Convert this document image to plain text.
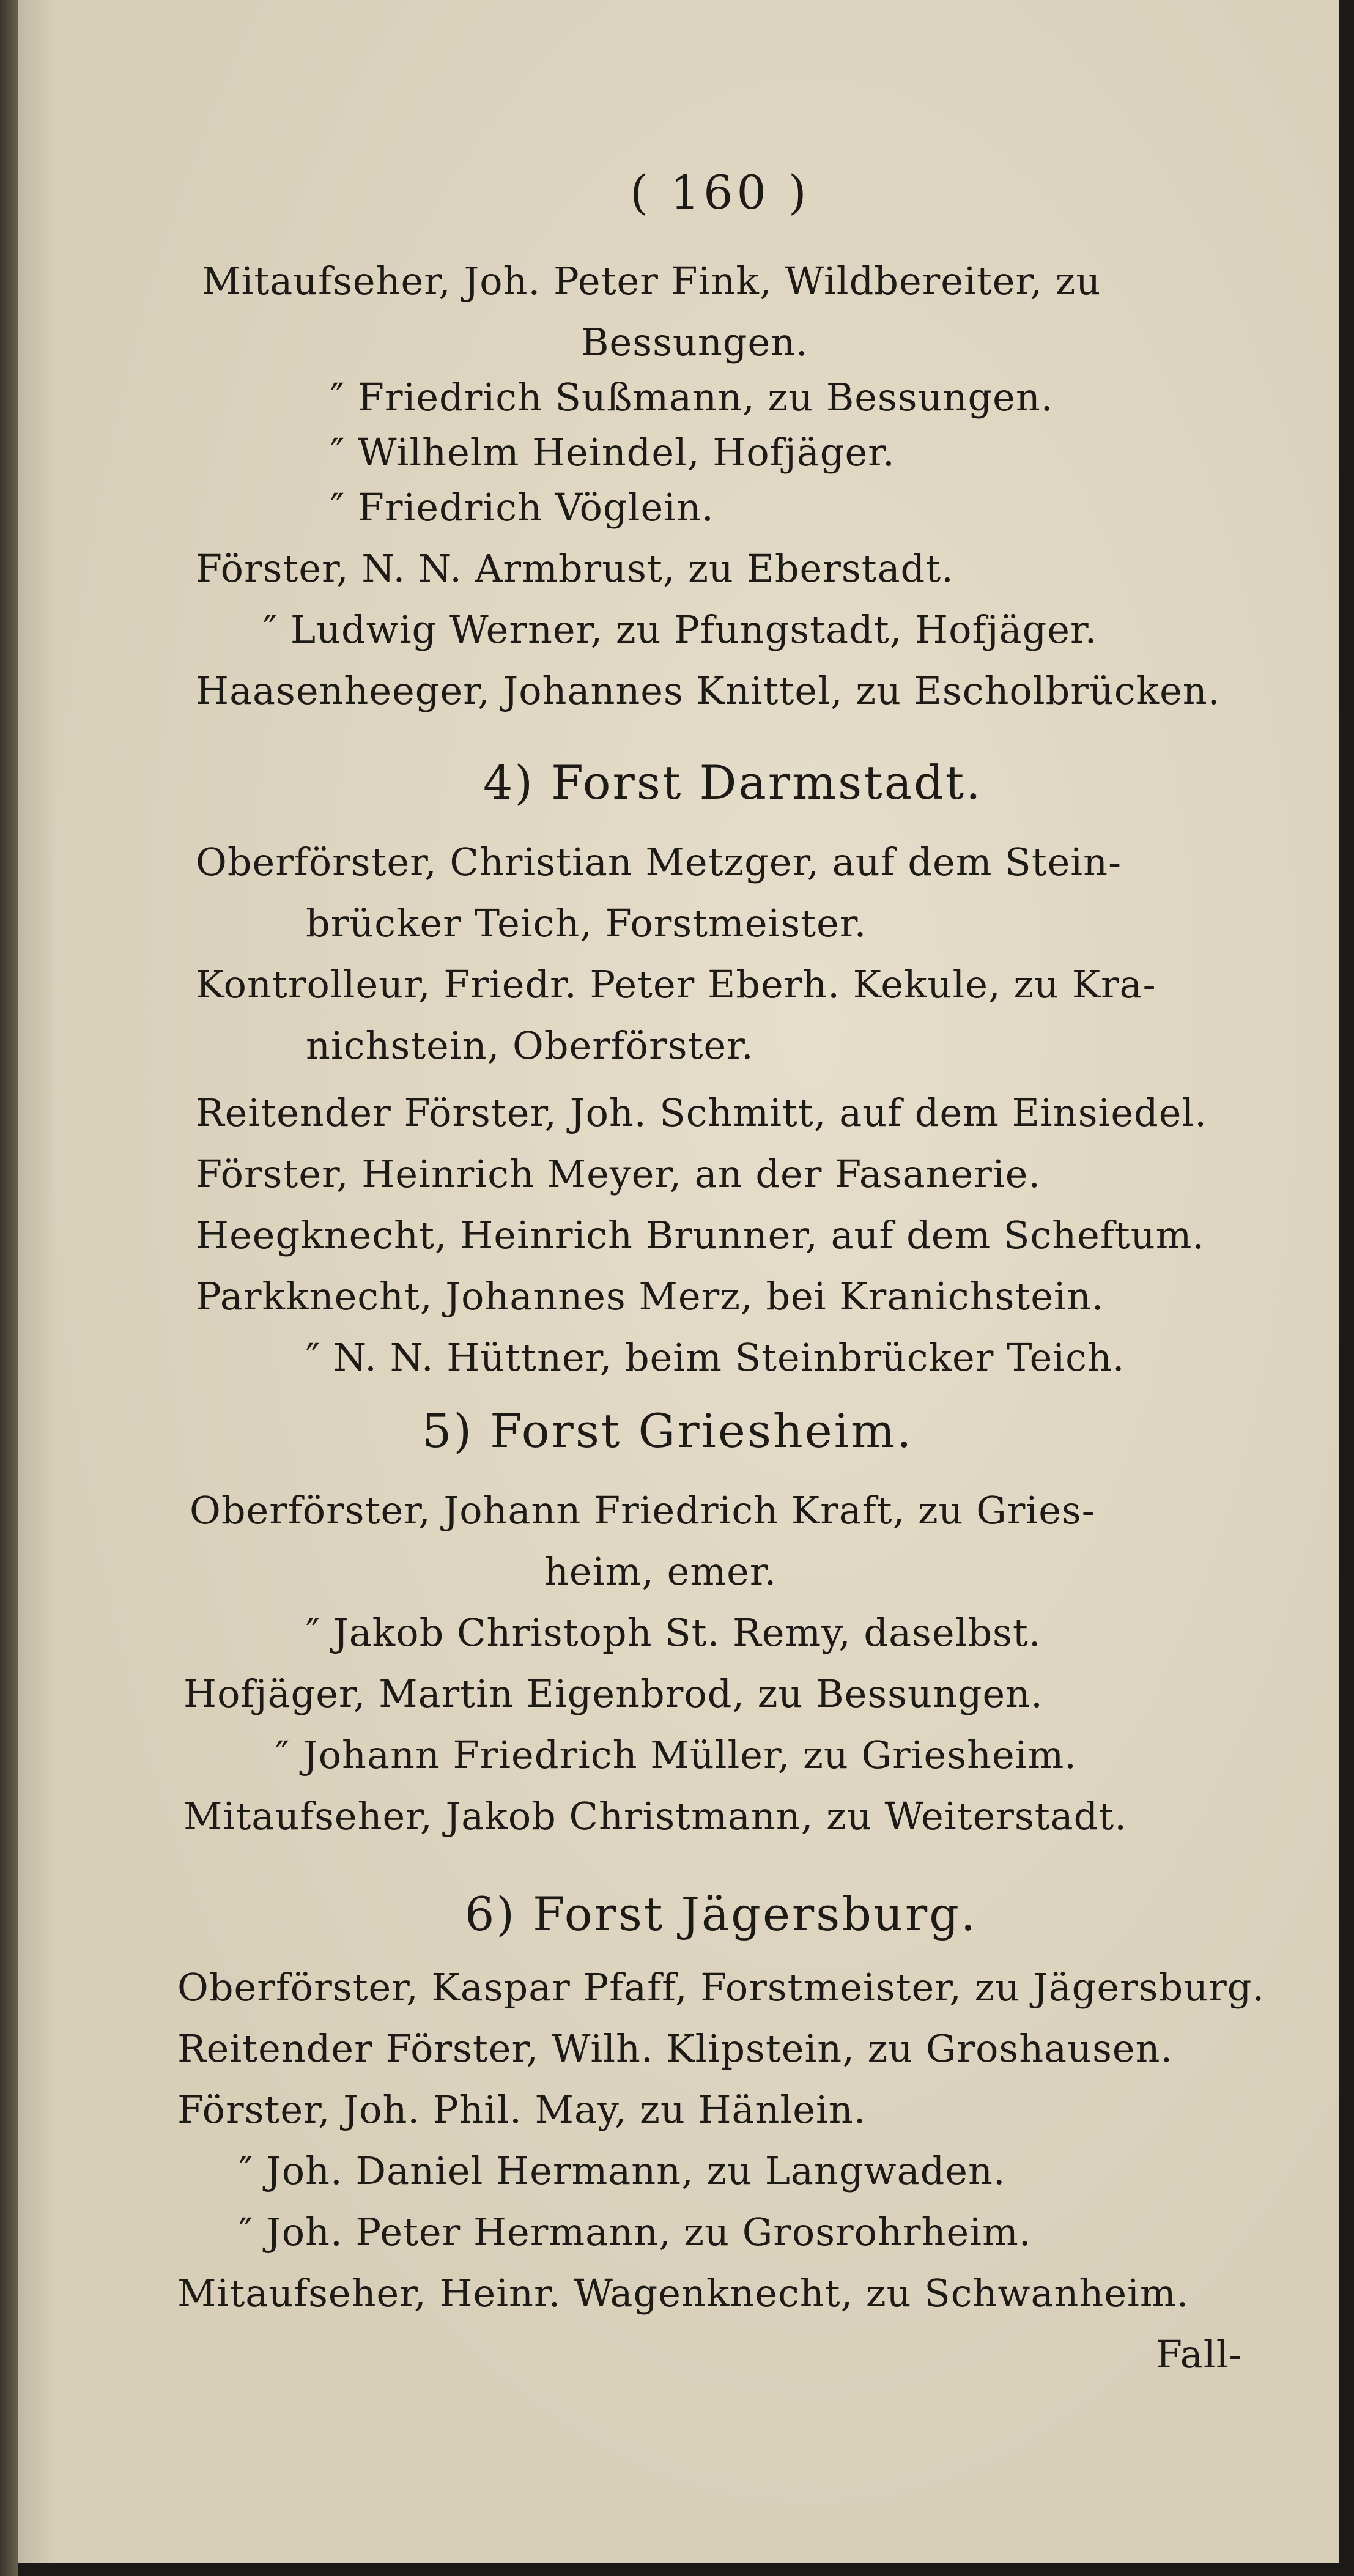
( 160 )
Mitaufseher, Joh. Peter Fink, Wildbereiter, zu
Bessungen.
″ Friedrich Sußmann, zu Bessungen.
″ Wilhelm Heindel, Hofjäger.
″ Friedrich Vöglein.
Förster, N. N. Armbrust, zu Eberstadt.
″ Ludwig Werner, zu Pfungstadt, Hofjäger.
Haasenheeger, Johannes Knittel, zu Escholbrücken.
4) Forst Darmstadt.
Oberförster, Christian Metzger, auf dem Stein-
brücker Teich, Forstmeister.
Kontrolleur, Friedr. Peter Eberh. Kekule, zu Kra-
nichstein, Oberförster.
Reitender Förster, Joh. Schmitt, auf dem Einsiedel.
Förster, Heinrich Meyer, an der Fasanerie.
Heegknecht, Heinrich Brunner, auf dem Scheftum.
Parkknecht, Johannes Merz, bei Kranichstein.
″ N. N. Hüttner, beim Steinbrücker Teich.
5) Forst Griesheim.
Oberförster, Johann Friedrich Kraft, zu Gries-
heim, emer.
″ Jakob Christoph St. Remy, daselbst.
Hofjäger, Martin Eigenbrod, zu Bessungen.
″ Johann Friedrich Müller, zu Griesheim.
Mitaufseher, Jakob Christmann, zu Weiterstadt.
6) Forst Jägersburg.
Oberförster, Kaspar Pfaff, Forstmeister, zu Jägersburg.
Reitender Förster, Wilh. Klipstein, zu Groshausen.
Förster, Joh. Phil. May, zu Hänlein.
″ Joh. Daniel Hermann, zu Langwaden.
″ Joh. Peter Hermann, zu Grosrohrheim.
Mitaufseher, Heinr. Wagenknecht, zu Schwanheim.
Fall-
